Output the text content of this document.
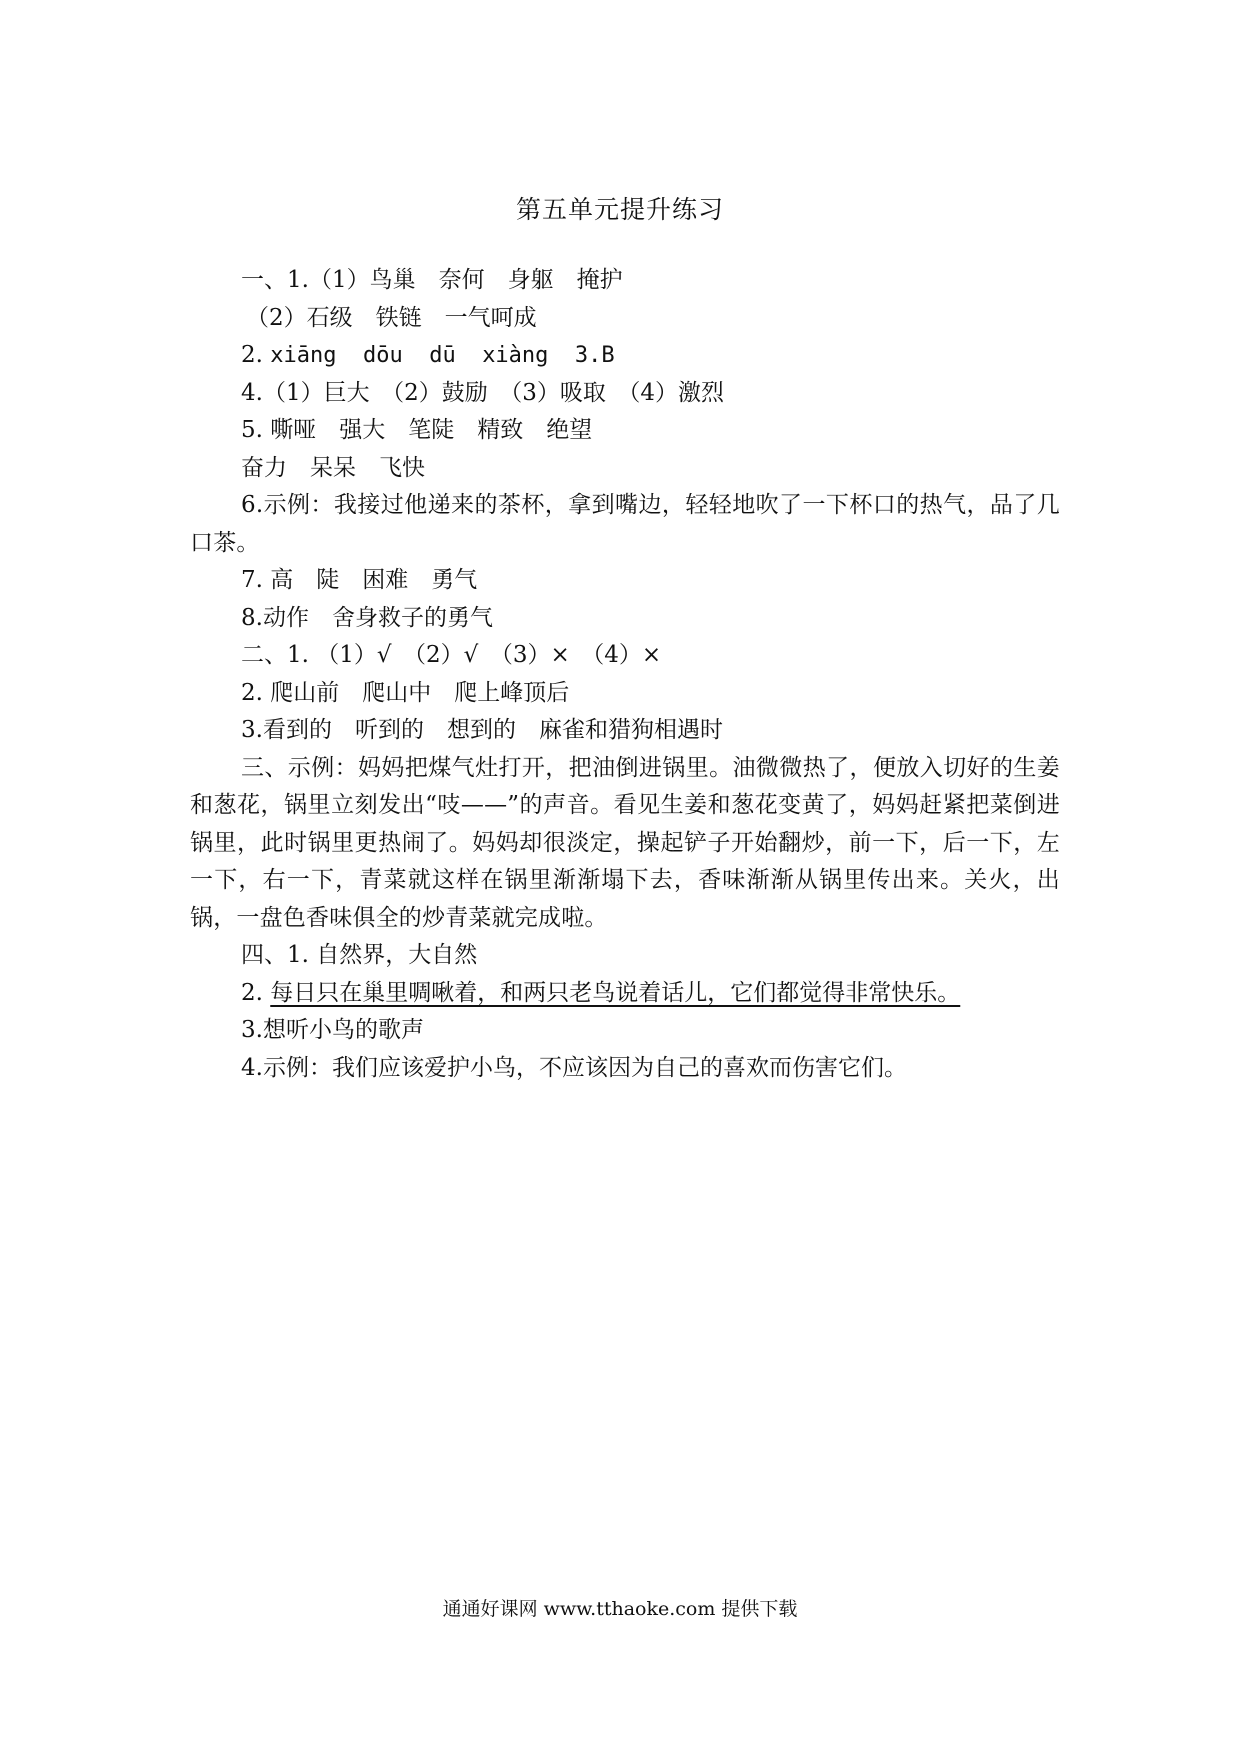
第五单元提升练习
一、1.（1）鸟巢　奈何　身躯　掩护
（2）石级　铁链　一气呵成
2. xiāng  dōu  dū  xiàng  3.B
4.（1）巨大　（2）鼓励　（3）吸取　（4）激烈
5. 嘶哑　强大　笔陡　精致　绝望
奋力　呆呆　飞快
6.示例：我接过他递来的茶杯，拿到嘴边，轻轻地吹了一下杯口的热气，品了几口茶。
7. 高　陡　困难　勇气
8.动作　舍身救子的勇气
二、1. （1）√　（2）√　（3）×　（4）×
2. 爬山前　爬山中　爬上峰顶后
3.看到的　听到的　想到的　麻雀和猎狗相遇时
三、示例：妈妈把煤气灶打开，把油倒进锅里。油微微热了，便放入切好的生姜和葱花，锅里立刻发出“吱——”的声音。看见生姜和葱花变黄了，妈妈赶紧把菜倒进锅里，此时锅里更热闹了。妈妈却很淡定，操起铲子开始翻炒，前一下，后一下，左一下，右一下，青菜就这样在锅里渐渐塌下去，香味渐渐从锅里传出来。关火，出锅，一盘色香味俱全的炒青菜就完成啦。
四、1. 自然界，大自然
2. 每日只在巢里啁啾着，和两只老鸟说着话儿，它们都觉得非常快乐。
3.想听小鸟的歌声
4.示例：我们应该爱护小鸟，不应该因为自己的喜欢而伤害它们。
通通好课网 www.tthaoke.com 提供下载
